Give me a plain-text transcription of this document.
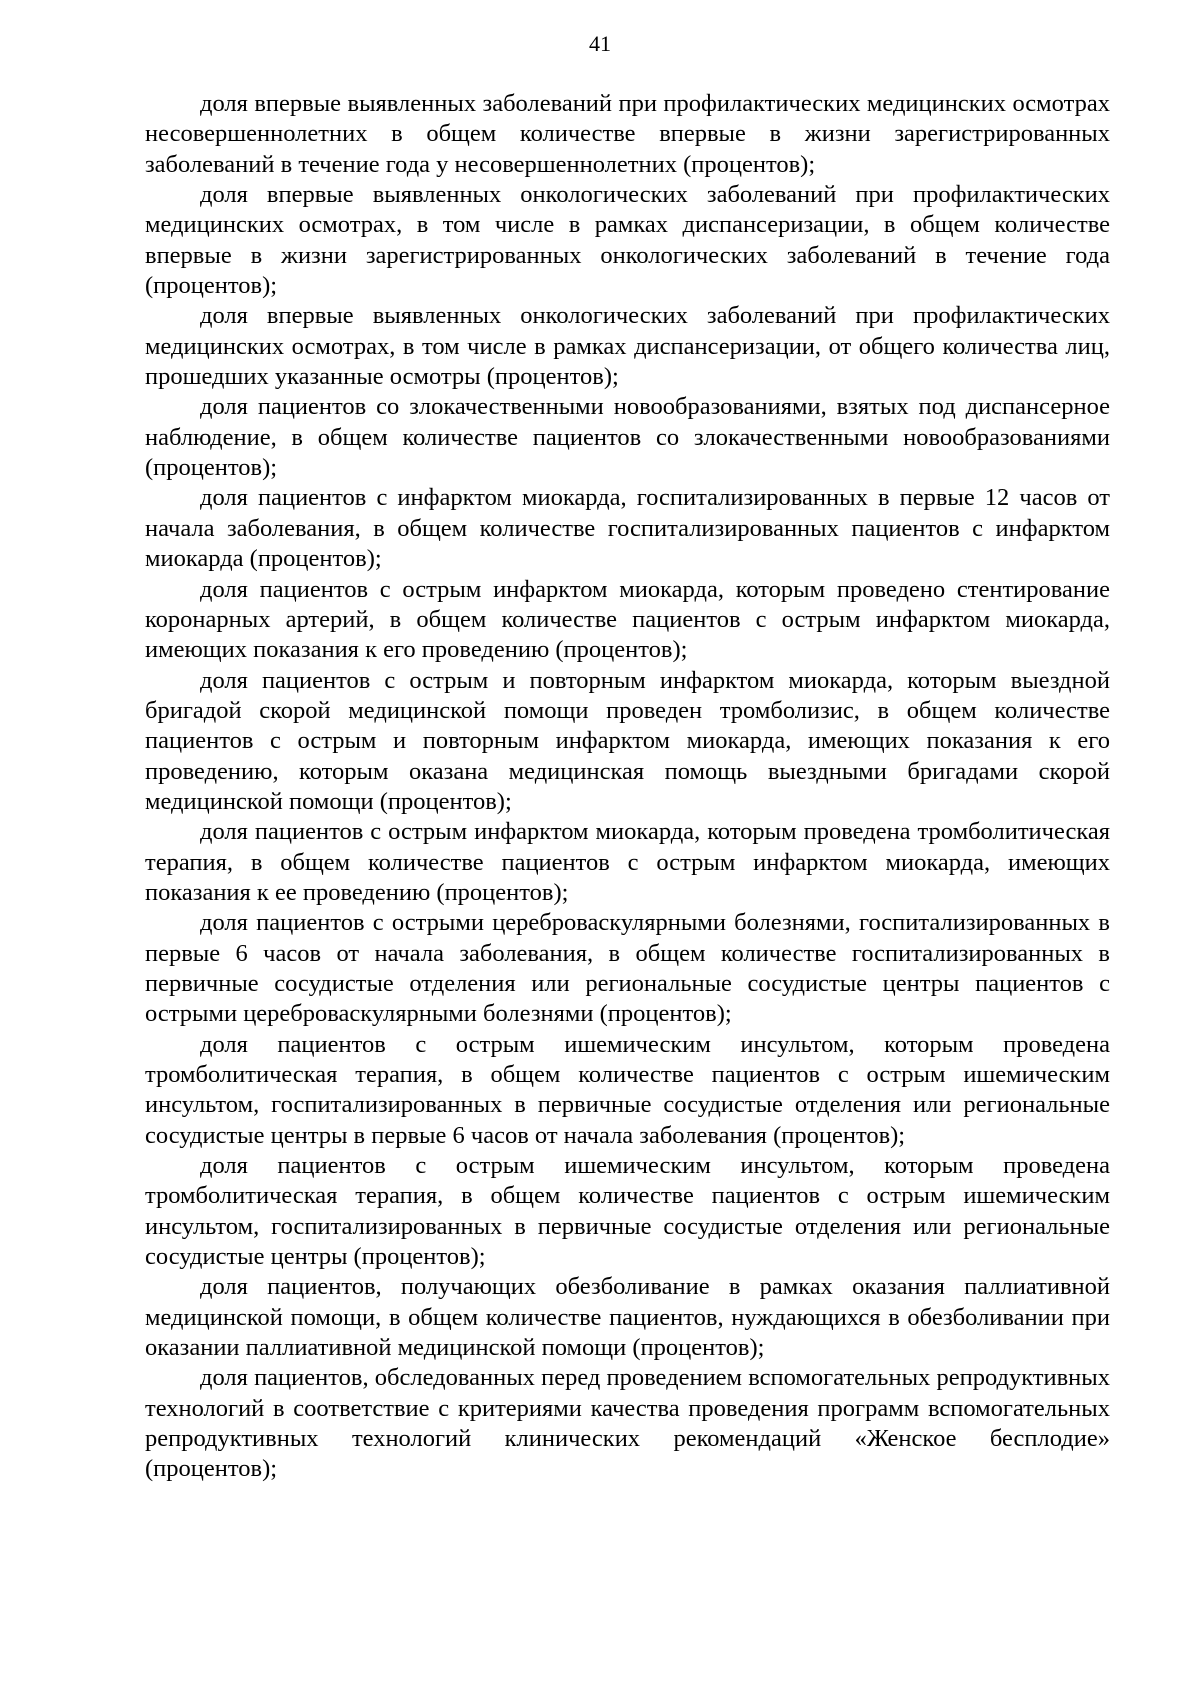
41

доля впервые выявленных заболеваний при профилактических медицинских осмотрах несовершеннолетних в общем количестве впервые в жизни зарегистрированных заболеваний в течение года у несовершеннолетних (процентов);

доля впервые выявленных онкологических заболеваний при профилактических медицинских осмотрах, в том числе в рамках диспансеризации, в общем количестве впервые в жизни зарегистрированных онкологических заболеваний в течение года (процентов);

доля впервые выявленных онкологических заболеваний при профилактических медицинских осмотрах, в том числе в рамках диспансеризации, от общего количества лиц, прошедших указанные осмотры (процентов);

доля пациентов со злокачественными новообразованиями, взятых под диспансерное наблюдение, в общем количестве пациентов со злокачественными новообразованиями (процентов);

доля пациентов с инфарктом миокарда, госпитализированных в первые 12 часов от начала заболевания, в общем количестве госпитализированных пациентов с инфарктом миокарда (процентов);

доля пациентов с острым инфарктом миокарда, которым проведено стентирование коронарных артерий, в общем количестве пациентов с острым инфарктом миокарда, имеющих показания к его проведению (процентов);

доля пациентов с острым и повторным инфарктом миокарда, которым выездной бригадой скорой медицинской помощи проведен тромболизис, в общем количестве пациентов с острым и повторным инфарктом миокарда, имеющих показания к его проведению, которым оказана медицинская помощь выездными бригадами скорой медицинской помощи (процентов);

доля пациентов с острым инфарктом миокарда, которым проведена тромболитическая терапия, в общем количестве пациентов с острым инфарктом миокарда, имеющих показания к ее проведению (процентов);

доля пациентов с острыми цереброваскулярными болезнями, госпитализированных в первые 6 часов от начала заболевания, в общем количестве госпитализированных в первичные сосудистые отделения или региональные сосудистые центры пациентов с острыми цереброваскулярными болезнями (процентов);

доля пациентов с острым ишемическим инсультом, которым проведена тромболитическая терапия, в общем количестве пациентов с острым ишемическим инсультом, госпитализированных в первичные сосудистые отделения или региональные сосудистые центры в первые 6 часов от начала заболевания (процентов);

доля пациентов с острым ишемическим инсультом, которым проведена тромболитическая терапия, в общем количестве пациентов с острым ишемическим инсультом, госпитализированных в первичные сосудистые отделения или региональные сосудистые центры (процентов);

доля пациентов, получающих обезболивание в рамках оказания паллиативной медицинской помощи, в общем количестве пациентов, нуждающихся в обезболивании при оказании паллиативной медицинской помощи (процентов);

доля пациентов, обследованных перед проведением вспомогательных репродуктивных технологий в соответствие с критериями качества проведения программ вспомогательных репродуктивных технологий клинических рекомендаций «Женское бесплодие» (процентов);
